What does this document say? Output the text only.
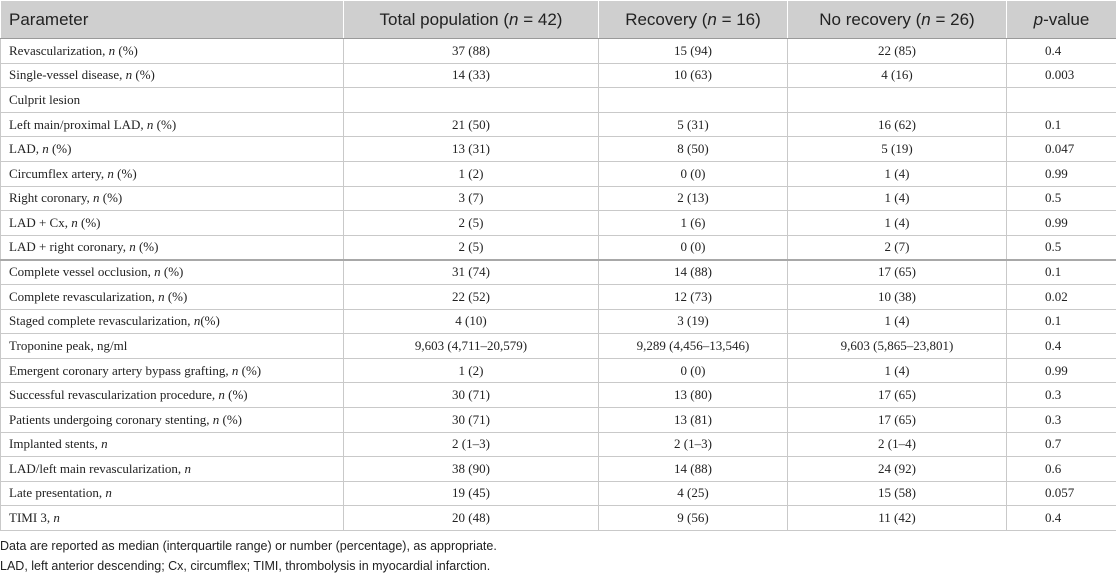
Parameter	Total population (n = 42)	Recovery (n = 16)	No recovery (n = 26)	p-value
Revascularization, n (%)	37 (88)	15 (94)	22 (85)	0.4
Single-vessel disease, n (%)	14 (33)	10 (63)	4 (16)	0.003
Culprit lesion				
Left main/proximal LAD, n (%)	21 (50)	5 (31)	16 (62)	0.1
LAD, n (%)	13 (31)	8 (50)	5 (19)	0.047
Circumflex artery, n (%)	1 (2)	0 (0)	1 (4)	0.99
Right coronary, n (%)	3 (7)	2 (13)	1 (4)	0.5
LAD + Cx, n (%)	2 (5)	1 (6)	1 (4)	0.99
LAD + right coronary, n (%)	2 (5)	0 (0)	2 (7)	0.5
Complete vessel occlusion, n (%)	31 (74)	14 (88)	17 (65)	0.1
Complete revascularization, n (%)	22 (52)	12 (73)	10 (38)	0.02
Staged complete revascularization, n(%)	4 (10)	3 (19)	1 (4)	0.1
Troponine peak, ng/ml	9,603 (4,711–20,579)	9,289 (4,456–13,546)	9,603 (5,865–23,801)	0.4
Emergent coronary artery bypass grafting, n (%)	1 (2)	0 (0)	1 (4)	0.99
Successful revascularization procedure, n (%)	30 (71)	13 (80)	17 (65)	0.3
Patients undergoing coronary stenting, n (%)	30 (71)	13 (81)	17 (65)	0.3
Implanted stents, n	2 (1–3)	2 (1–3)	2 (1–4)	0.7
LAD/left main revascularization, n	38 (90)	14 (88)	24 (92)	0.6
Late presentation, n	19 (45)	4 (25)	15 (58)	0.057
TIMI 3, n	20 (48)	9 (56)	11 (42)	0.4
Data are reported as median (interquartile range) or number (percentage), as appropriate.
LAD, left anterior descending; Cx, circumflex; TIMI, thrombolysis in myocardial infarction.
